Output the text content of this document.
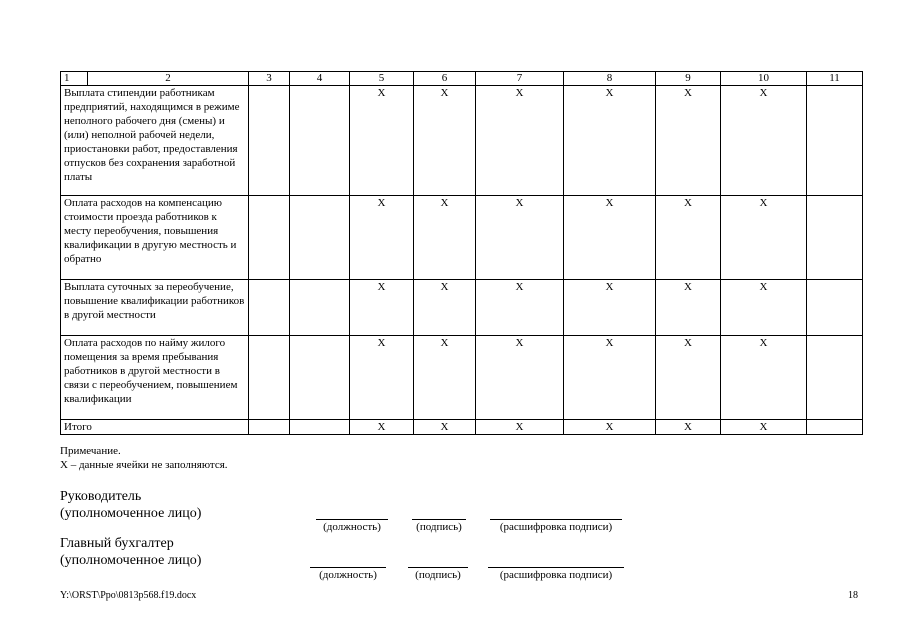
1	2	3	4	5	6	7	8	9	10	11
Выплата стипендии работникам предприятий, находящимся в режиме неполного рабочего дня (смены) и (или) неполной рабочей недели, приостановки работ, предоставления отпусков без сохранения заработной платы				X	X	X	X	X	X	
Оплата расходов на компенсацию стоимости проезда работников к месту переобучения, повышения квалификации в другую местность и обратно				X	X	X	X	X	X	
Выплата суточных за переобучение, повышение квалификации работников в другой местности				X	X	X	X	X	X	
Оплата расходов по найму жилого помещения за время пребывания работников в другой местности в связи с переобучением, повышением квалификации				X	X	X	X	X	X	
Итого				X	X	X	X	X	X	
Примечание.
Х – данные ячейки не заполняются.
Руководитель
(уполномоченное лицо)
(должность)	(подпись)	(расшифровка подписи)
Главный бухгалтер
(уполномоченное лицо)
(должность)	(подпись)	(расшифровка подписи)
Y:\ORST\Ppo\0813p568.f19.docx	18
